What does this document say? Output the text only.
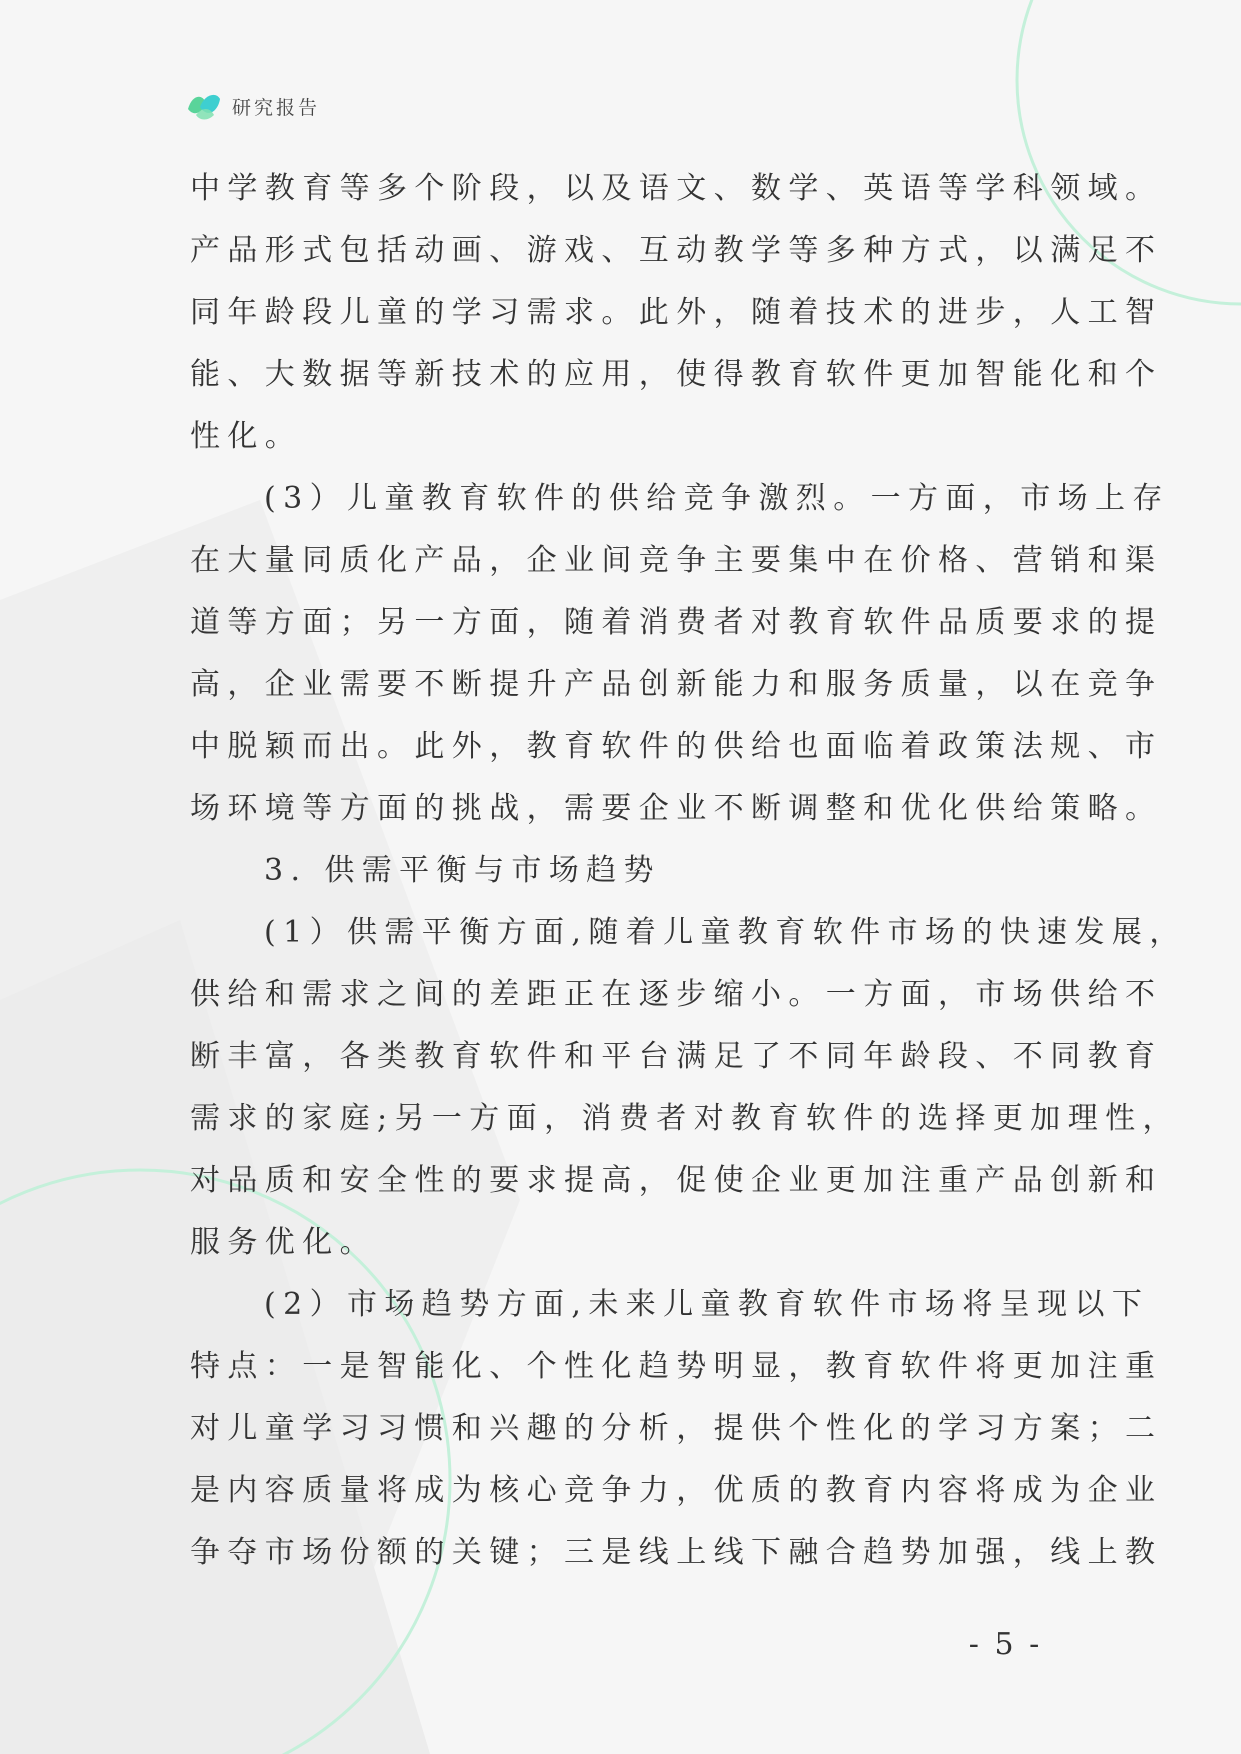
研究报告

中学教育等多个阶段，以及语文、数学、英语等学科领域。

产品形式包括动画、游戏、互动教学等多种方式，以满足不

同年龄段儿童的学习需求。此外，随着技术的进步，人工智

能、大数据等新技术的应用，使得教育软件更加智能化和个

性化。

(3）儿童教育软件的供给竞争激烈。一方面，市场上存

在大量同质化产品，企业间竞争主要集中在价格、营销和渠

道等方面；另一方面，随着消费者对教育软件品质要求的提

高，企业需要不断提升产品创新能力和服务质量，以在竞争

中脱颖而出。此外，教育软件的供给也面临着政策法规、市

场环境等方面的挑战，需要企业不断调整和优化供给策略。

3. 供需平衡与市场趋势

(1）供需平衡方面,随着儿童教育软件市场的快速发展，

供给和需求之间的差距正在逐步缩小。一方面，市场供给不

断丰富，各类教育软件和平台满足了不同年龄段、不同教育

需求的家庭;另一方面，消费者对教育软件的选择更加理性，

对品质和安全性的要求提高，促使企业更加注重产品创新和

服务优化。

(2）市场趋势方面,未来儿童教育软件市场将呈现以下

特点：一是智能化、个性化趋势明显，教育软件将更加注重

对儿童学习习惯和兴趣的分析，提供个性化的学习方案；二

是内容质量将成为核心竞争力，优质的教育内容将成为企业

争夺市场份额的关键；三是线上线下融合趋势加强，线上教

- 5 -
